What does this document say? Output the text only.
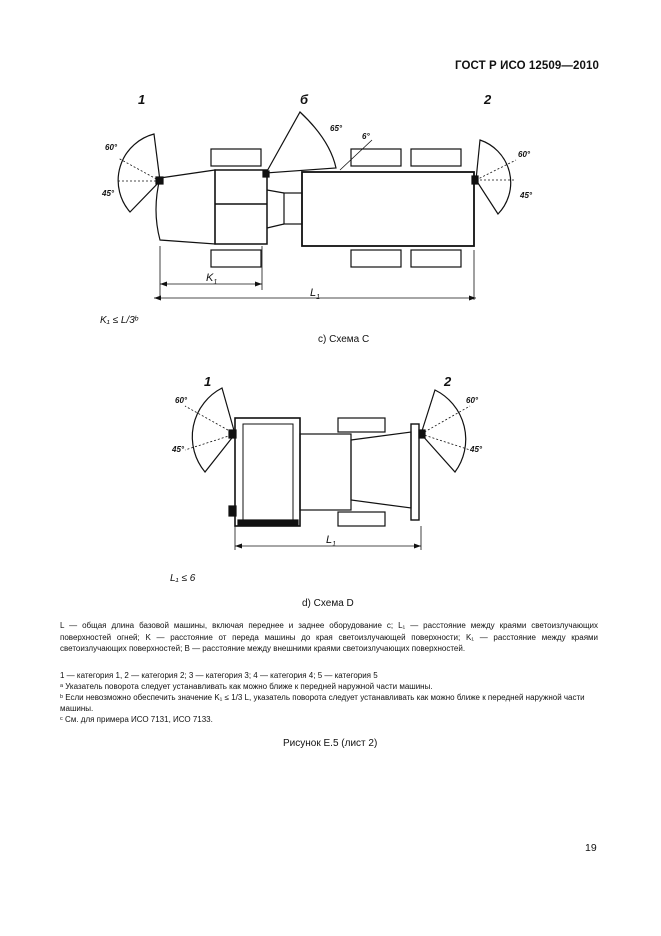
ГОСТ Р ИСО 12509—2010
1	б	2
1	2
60°
45°
65°
6°
60°
45°
60°
45°
60°
45°
$K_1$
$L_1$
$L_1$
K₁ ≤ L/3ᵇ
с) Схема С
L₁ ≤ 6
d) Схема D

L — общая длина базовой машины, включая переднее и заднее оборудование с; L₁ — расстояние между краями светоизлучающих поверхностей огней; K — расстояние от переда машины до края светоизлучающей поверхности; K₁ — расстояние между краями светоизлучающих поверхностей; B — расстояние между внешними краями светоизлучающих поверхностей.

1 — категория 1, 2 — категория 2; 3 — категория 3; 4 — категория 4; 5 — категория 5

ᵃ Указатель поворота следует устанавливать как можно ближе к передней наружной части машины.

ᵇ Если невозможно обеспечить значение K₁ ≤ 1/3 L, указатель поворота следует устанавливать как можно ближе к передней наружной части машины.

ᶜ См. для примера ИСО 7131, ИСО 7133.

Рисунок Е.5 (лист 2)
19
